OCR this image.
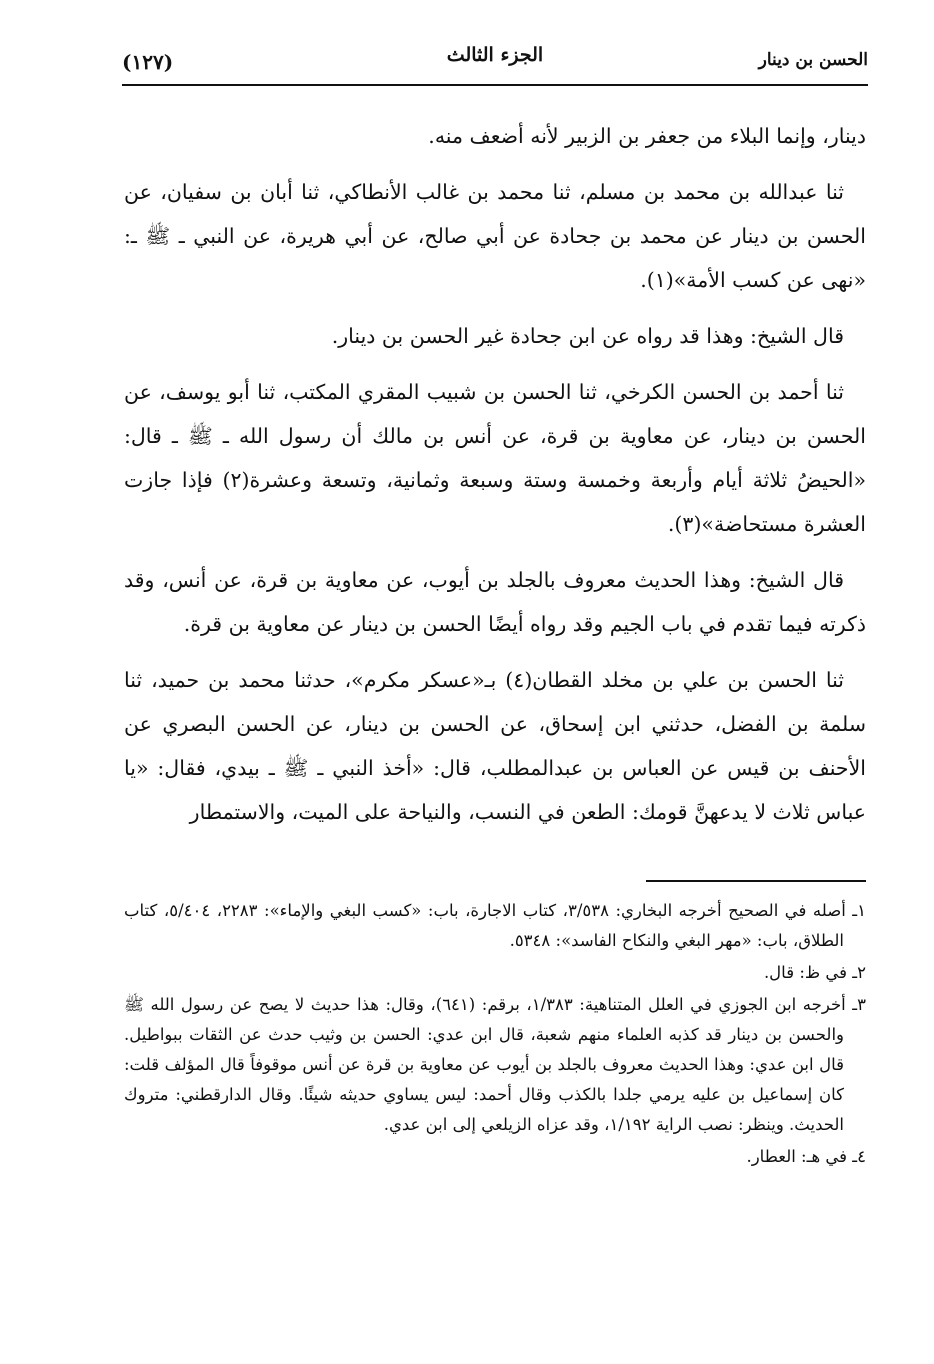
الحسن بن دينار
الجزء الثالث
(١٢٧)

دينار، وإنما البلاء من جعفر بن الزبير لأنه أضعف منه.

ثنا عبدالله بن محمد بن مسلم، ثنا محمد بن غالب الأنطاكي، ثنا أبان بن سفيان، عن الحسن بن دينار عن محمد بن جحادة عن أبي صالح، عن أبي هريرة، عن النبي ـ ﷺ ـ: «نهى عن كسب الأمة»(١).

قال الشيخ: وهذا قد رواه عن ابن جحادة غير الحسن بن دينار.

ثنا أحمد بن الحسن الكرخي، ثنا الحسن بن شبيب المقري المكتب، ثنا أبو يوسف، عن الحسن بن دينار، عن معاوية بن قرة، عن أنس بن مالك أن رسول الله ـ ﷺ ـ قال: «الحيضُ ثلاثة أيام وأربعة وخمسة وستة وسبعة وثمانية، وتسعة وعشرة(٢) فإذا جازت العشرة مستحاضة»(٣).

قال الشيخ: وهذا الحديث معروف بالجلد بن أيوب، عن معاوية بن قرة، عن أنس، وقد ذكرته فيما تقدم في باب الجيم وقد رواه أيضًا الحسن بن دينار عن معاوية بن قرة.

ثنا الحسن بن علي بن مخلد القطان(٤) بـ«عسكر مكرم»، حدثنا محمد بن حميد، ثنا سلمة بن الفضل، حدثني ابن إسحاق، عن الحسن بن دينار، عن الحسن البصري عن الأحنف بن قيس عن العباس بن عبدالمطلب، قال: «أخذ النبي ـ ﷺ ـ بيدي، فقال: «يا عباس ثلاث لا يدعهنَّ قومك: الطعن في النسب، والنياحة على الميت، والاستمطار

١ـ أصله في الصحيح أخرجه البخاري: ٣/٥٣٨، كتاب الاجارة، باب: «كسب البغي والإماء»: ٢٢٨٣، ٥/٤٠٤، كتاب الطلاق، باب: «مهر البغي والنكاح الفاسد»: ٥٣٤٨.

٢ـ في ظ: قال.

٣ـ أخرجه ابن الجوزي في العلل المتناهية: ١/٣٨٣، برقم: (٦٤١)، وقال: هذا حديث لا يصح عن رسول الله ﷺ والحسن بن دينار قد كذبه العلماء منهم شعبة، قال ابن عدي: الحسن بن وثيب حدث عن الثقات ببواطيل. قال ابن عدي: وهذا الحديث معروف بالجلد بن أيوب عن معاوية بن قرة عن أنس موقوفاً قال المؤلف قلت: كان إسماعيل بن عليه يرمي جلدا بالكذب وقال أحمد: ليس يساوي حديثه شيئًا. وقال الدارقطني: متروك الحديث. وينظر: نصب الراية ١/١٩٢، وقد عزاه الزيلعي إلى ابن عدي.

٤ـ في هـ: العطار.
